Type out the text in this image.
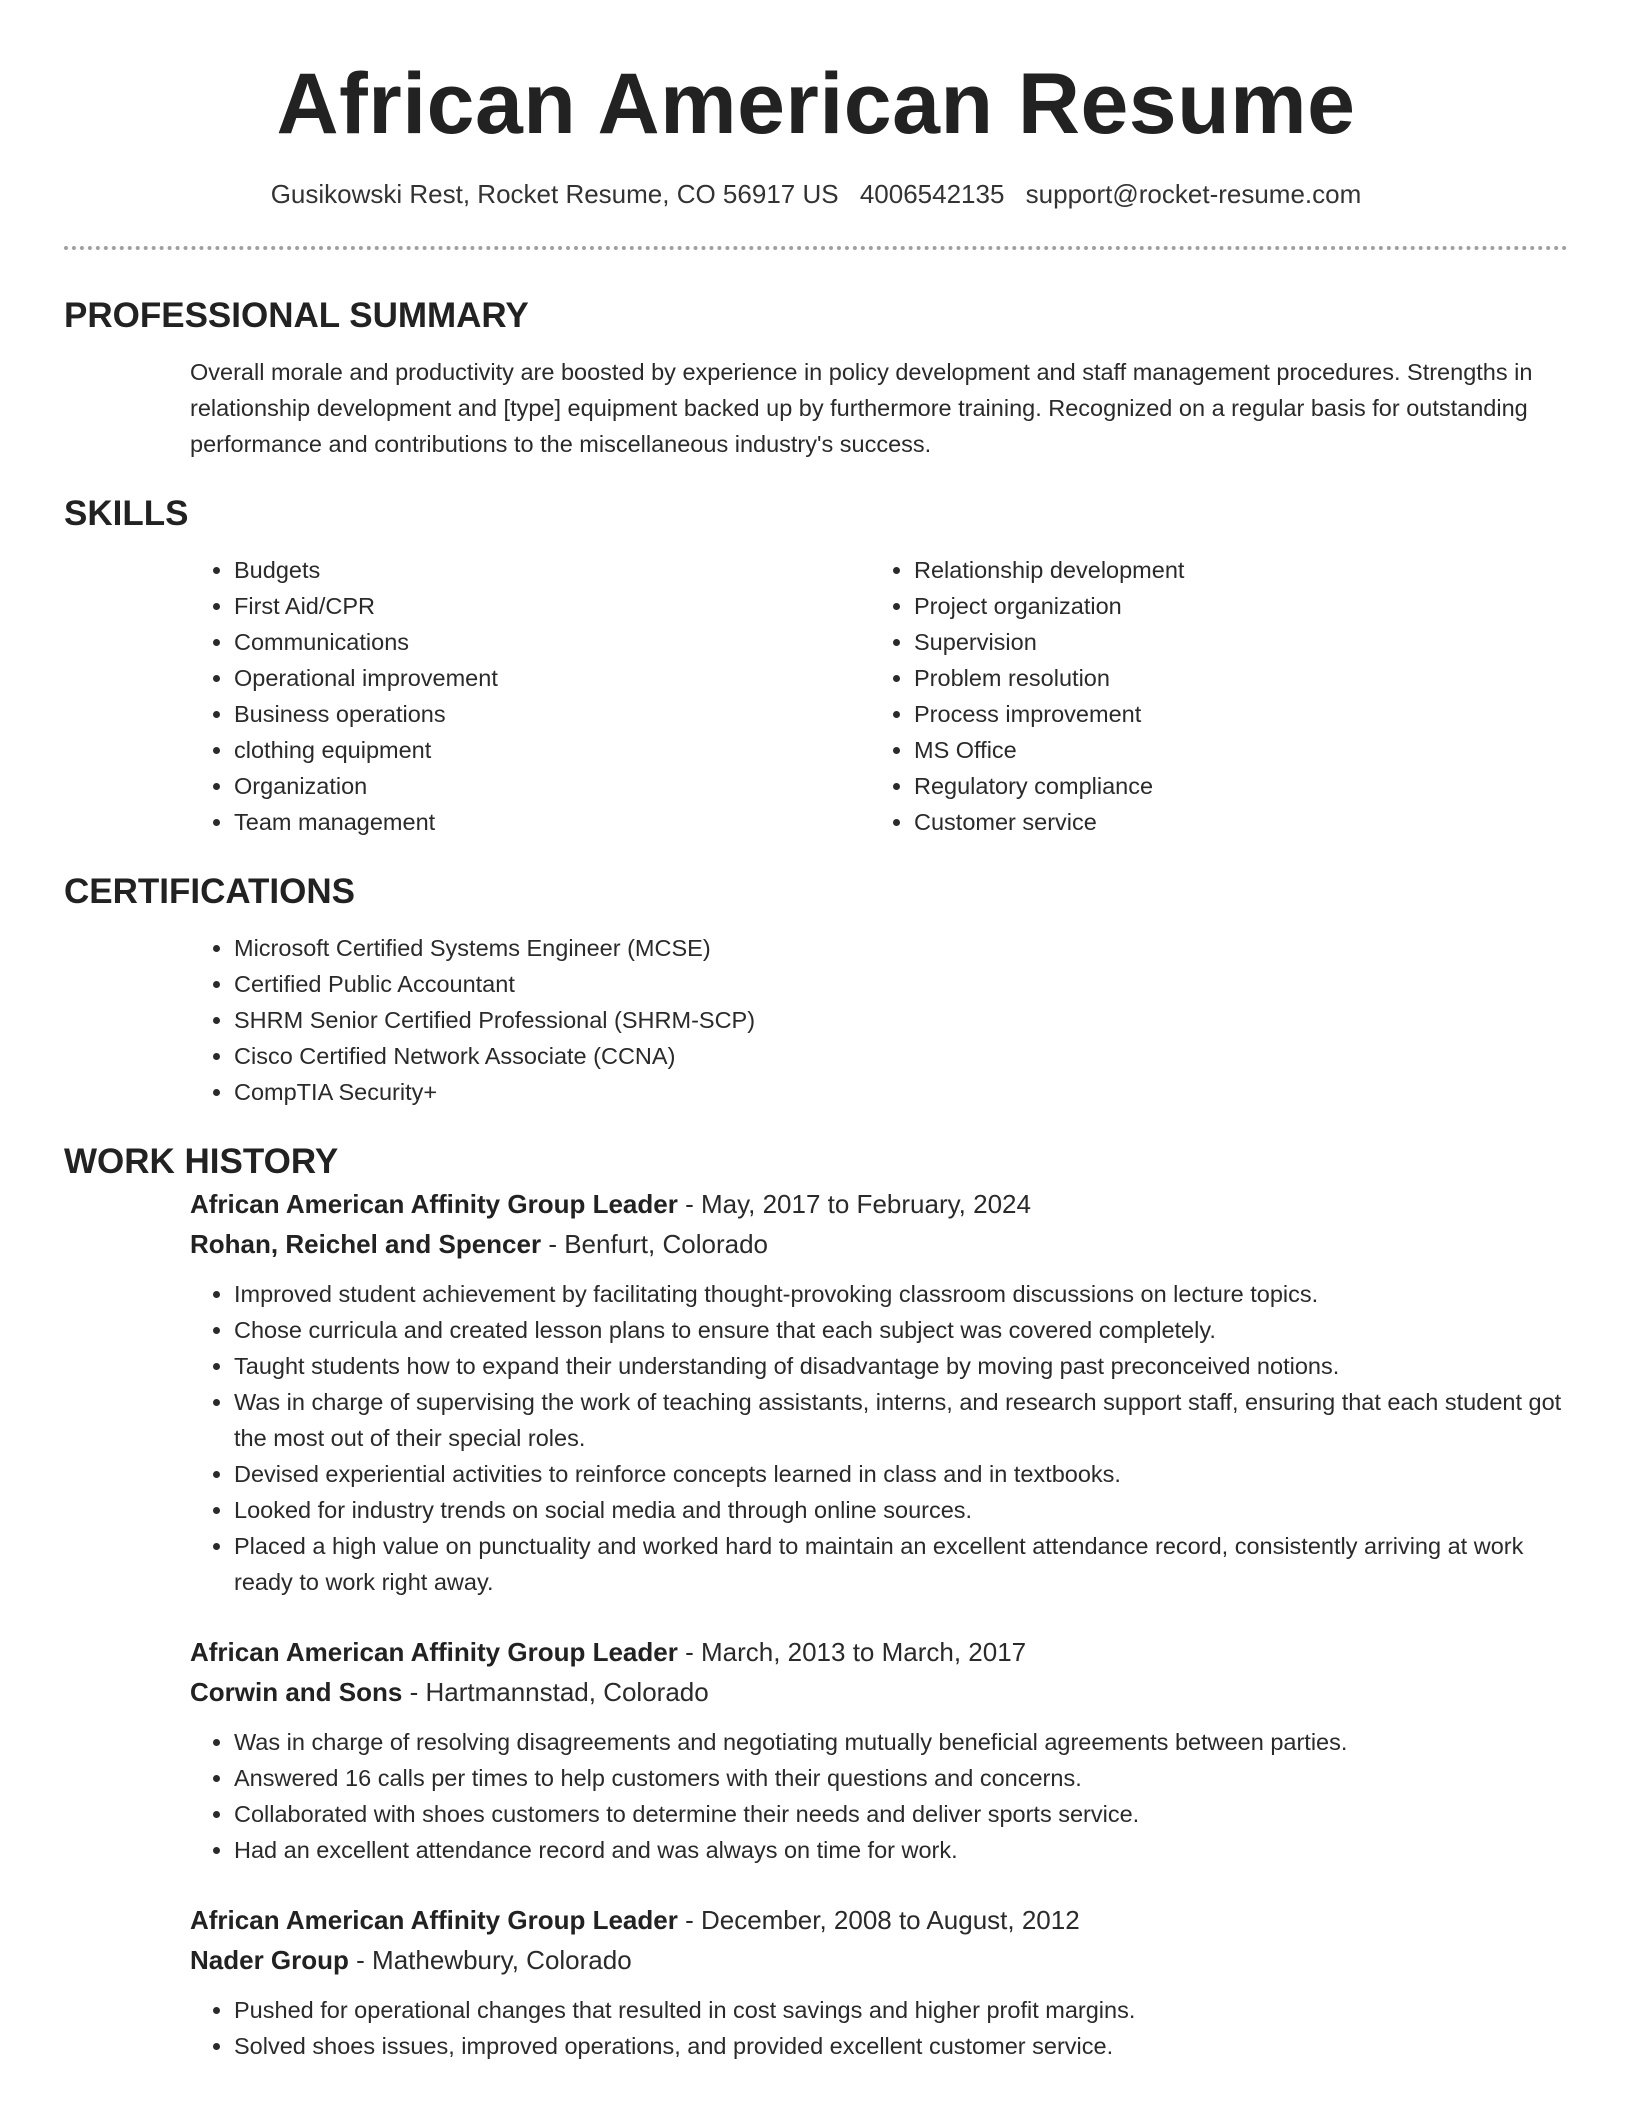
African American Resume
Gusikowski Rest, Rocket Resume, CO 56917 US 4006542135 support@rocket-resume.com
PROFESSIONAL SUMMARY
Overall morale and productivity are boosted by experience in policy development and staff management procedures. Strengths in relationship development and [type] equipment backed up by furthermore training. Recognized on a regular basis for outstanding performance and contributions to the miscellaneous industry's success.
SKILLS
• Budgets
• First Aid/CPR
• Communications
• Operational improvement
• Business operations
• clothing equipment
• Organization
• Team management
• Relationship development
• Project organization
• Supervision
• Problem resolution
• Process improvement
• MS Office
• Regulatory compliance
• Customer service
CERTIFICATIONS
• Microsoft Certified Systems Engineer (MCSE)
• Certified Public Accountant
• SHRM Senior Certified Professional (SHRM-SCP)
• Cisco Certified Network Associate (CCNA)
• CompTIA Security+
WORK HISTORY
African American Affinity Group Leader - May, 2017 to February, 2024
Rohan, Reichel and Spencer - Benfurt, Colorado
• Improved student achievement by facilitating thought-provoking classroom discussions on lecture topics.
• Chose curricula and created lesson plans to ensure that each subject was covered completely.
• Taught students how to expand their understanding of disadvantage by moving past preconceived notions.
• Was in charge of supervising the work of teaching assistants, interns, and research support staff, ensuring that each student got the most out of their special roles.
• Devised experiential activities to reinforce concepts learned in class and in textbooks.
• Looked for industry trends on social media and through online sources.
• Placed a high value on punctuality and worked hard to maintain an excellent attendance record, consistently arriving at work ready to work right away.
African American Affinity Group Leader - March, 2013 to March, 2017
Corwin and Sons - Hartmannstad, Colorado
• Was in charge of resolving disagreements and negotiating mutually beneficial agreements between parties.
• Answered 16 calls per times to help customers with their questions and concerns.
• Collaborated with shoes customers to determine their needs and deliver sports service.
• Had an excellent attendance record and was always on time for work.
African American Affinity Group Leader - December, 2008 to August, 2012
Nader Group - Mathewbury, Colorado
• Pushed for operational changes that resulted in cost savings and higher profit margins.
• Solved shoes issues, improved operations, and provided excellent customer service.
